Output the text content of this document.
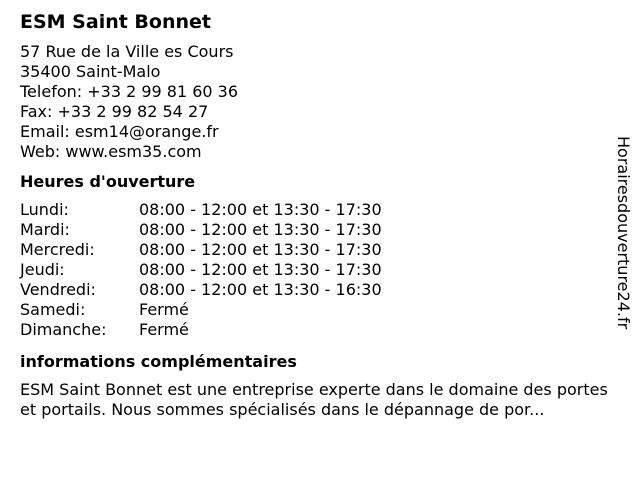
ESM Saint Bonnet
57 Rue de la Ville es Cours
35400 Saint-Malo
Telefon: +33 2 99 81 60 36
Fax: +33 2 99 82 54 27
Email: esm14@orange.fr
Web: www.esm35.com
Heures d'ouverture
Lundi:	08:00 - 12:00 et 13:30 - 17:30
Mardi:	08:00 - 12:00 et 13:30 - 17:30
Mercredi:	08:00 - 12:00 et 13:30 - 17:30
Jeudi:	08:00 - 12:00 et 13:30 - 17:30
Vendredi:	08:00 - 12:00 et 13:30 - 16:30
Samedi:	Fermé
Dimanche:	Fermé
informations complémentaires
ESM Saint Bonnet est une entreprise experte dans le domaine des portes et portails. Nous sommes spécialisés dans le dépannage de por...
Horairesdouverture24.fr
